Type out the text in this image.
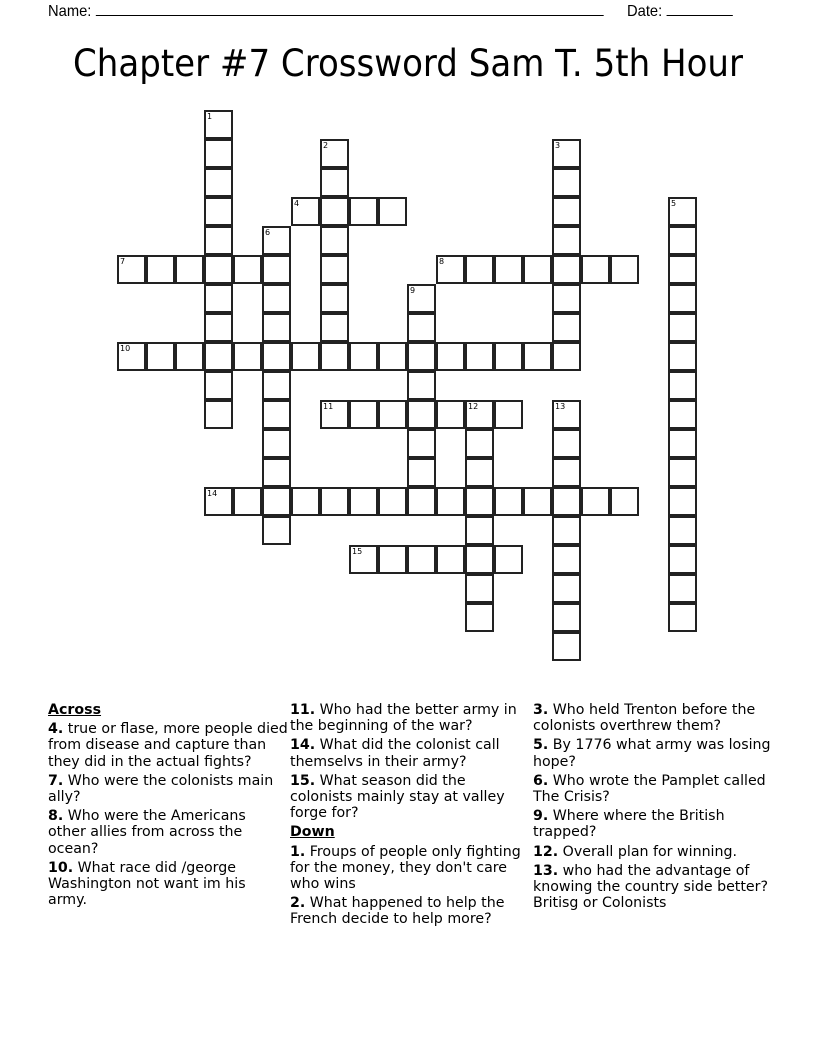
Name:	Date:
Chapter #7 Crossword Sam T. 5th Hour
1
2	3
4	5
6
7	8
9
10
11	12	13
14
15
Across
4. true or flase, more people died from disease and capture than they did in the actual fights?
7. Who were the colonists main ally?
8. Who were the Americans other allies from across the ocean?
10. What race did /george Washington not want im his army.
11. Who had the better army in the beginning of the war?
14. What did the colonist call themselvs in their army?
15. What season did the colonists mainly stay at valley forge for?
Down
1. Froups of people only fighting for the money, they don't care who wins
2. What happened to help the French decide to help more?
3. Who held Trenton before the colonists overthrew them?
5. By 1776 what army was losing hope?
6. Who wrote the Pamplet called The Crisis?
9. Where where the British trapped?
12. Overall plan for winning.
13. who had the advantage of knowing the country side better? Britisg or Colonists
